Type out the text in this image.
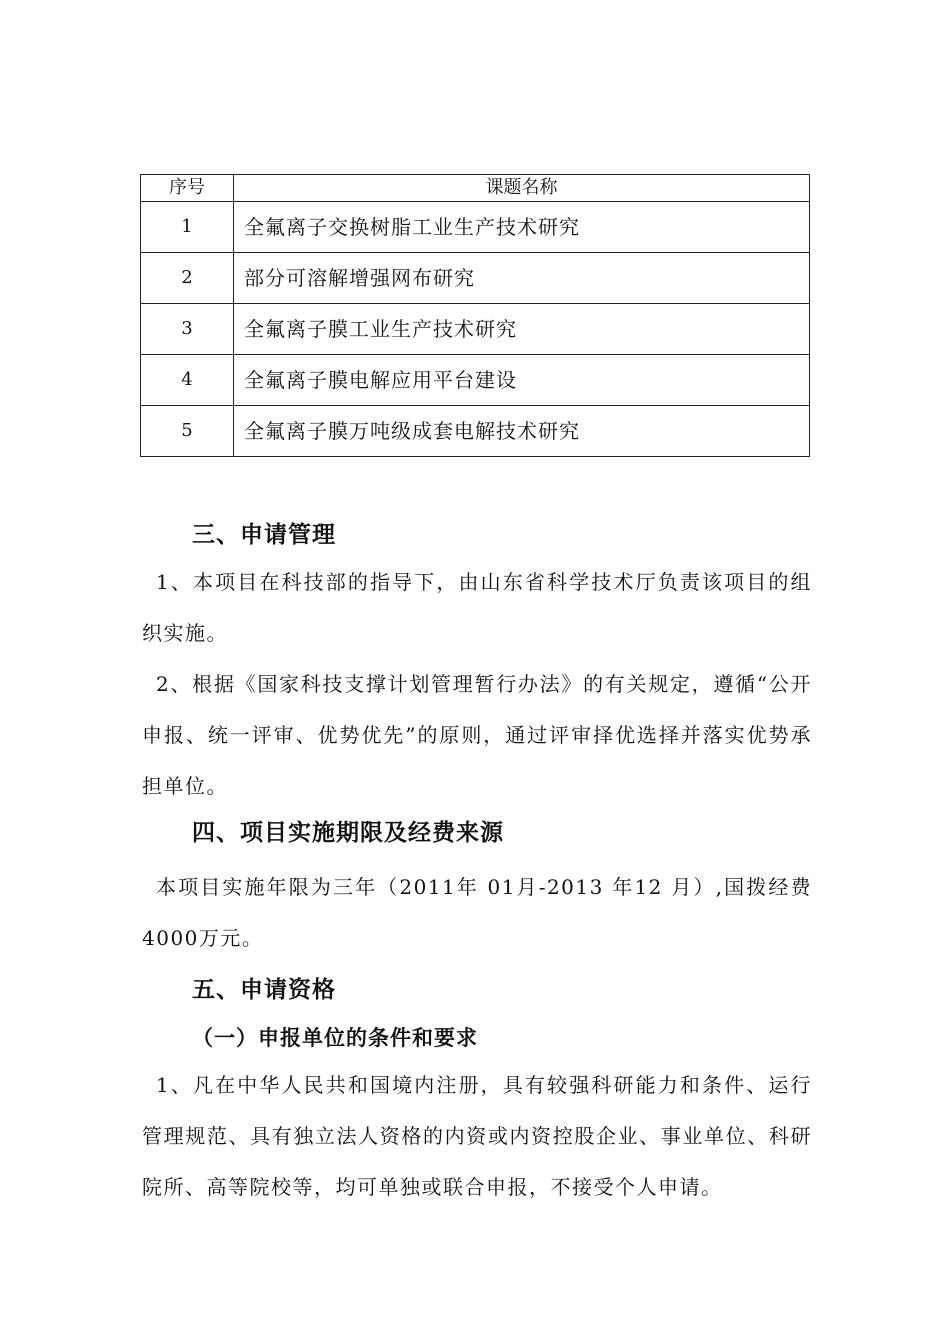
序号	课题名称
1	全氟离子交换树脂工业生产技术研究
2	部分可溶解增强网布研究
3	全氟离子膜工业生产技术研究
4	全氟离子膜电解应用平台建设
5	全氟离子膜万吨级成套电解技术研究
三、申请管理

1、本项目在科技部的指导下，由山东省科学技术厅负责该项目的组织实施。

2、根据《国家科技支撑计划管理暂行办法》的有关规定，遵循“公开申报、统一评审、优势优先”的原则，通过评审择优选择并落实优势承担单位。

四、项目实施期限及经费来源

本项目实施年限为三年（2011年 01月-2013 年12 月）,国拨经费4000万元。

五、申请资格
（一）申报单位的条件和要求

1、凡在中华人民共和国境内注册，具有较强科研能力和条件、运行管理规范、具有独立法人资格的内资或内资控股企业、事业单位、科研院所、高等院校等，均可单独或联合申报，不接受个人申请。
